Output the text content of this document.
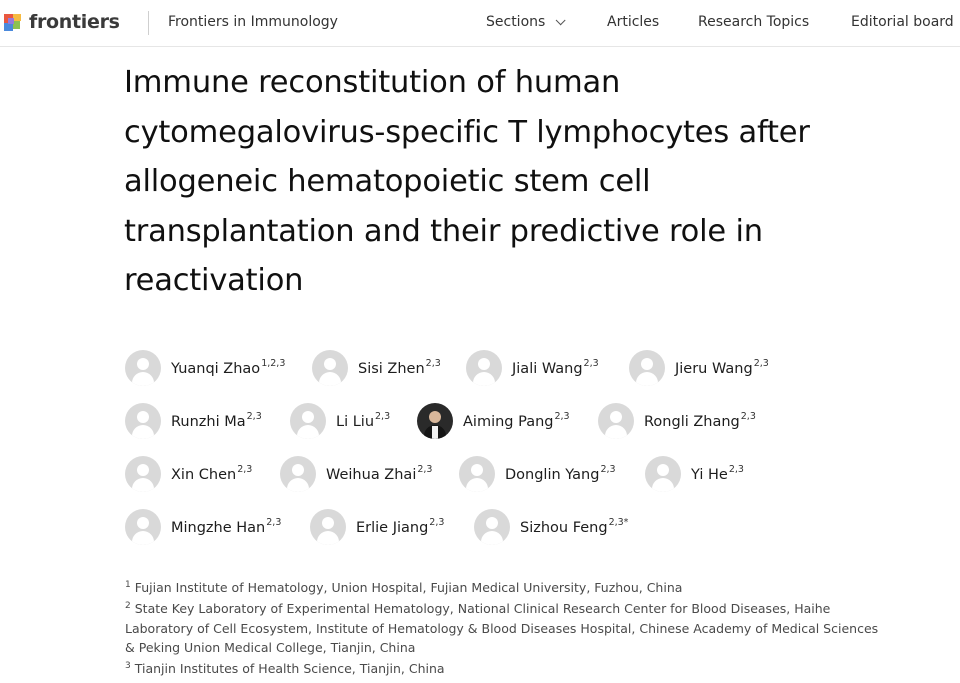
frontiers	Frontiers in Immunology	Sections	Articles	Research Topics	Editorial board
Immune reconstitution of human cytomegalovirus-specific T lymphocytes after allogeneic hematopoietic stem cell transplantation and their predictive role in reactivation
Yuanqi Zhao$^{1,2,3}$	Sisi Zhen$^{2,3}$	Jiali Wang$^{2,3}$	Jieru Wang$^{2,3}$
Runzhi Ma$^{2,3}$	Li Liu$^{2,3}$	Aiming Pang$^{2,3}$	Rongli Zhang$^{2,3}$
Xin Chen$^{2,3}$	Weihua Zhai$^{2,3}$	Donglin Yang$^{2,3}$	Yi He$^{2,3}$
Mingzhe Han$^{2,3}$	Erlie Jiang$^{2,3}$	Sizhou Feng$^{2,3*}$

$^1$ Fujian Institute of Hematology, Union Hospital, Fujian Medical University, Fuzhou, China

$^2$ State Key Laboratory of Experimental Hematology, National Clinical Research Center for Blood Diseases, Haihe Laboratory of Cell Ecosystem, Institute of Hematology & Blood Diseases Hospital, Chinese Academy of Medical Sciences & Peking Union Medical College, Tianjin, China

$^3$ Tianjin Institutes of Health Science, Tianjin, China
